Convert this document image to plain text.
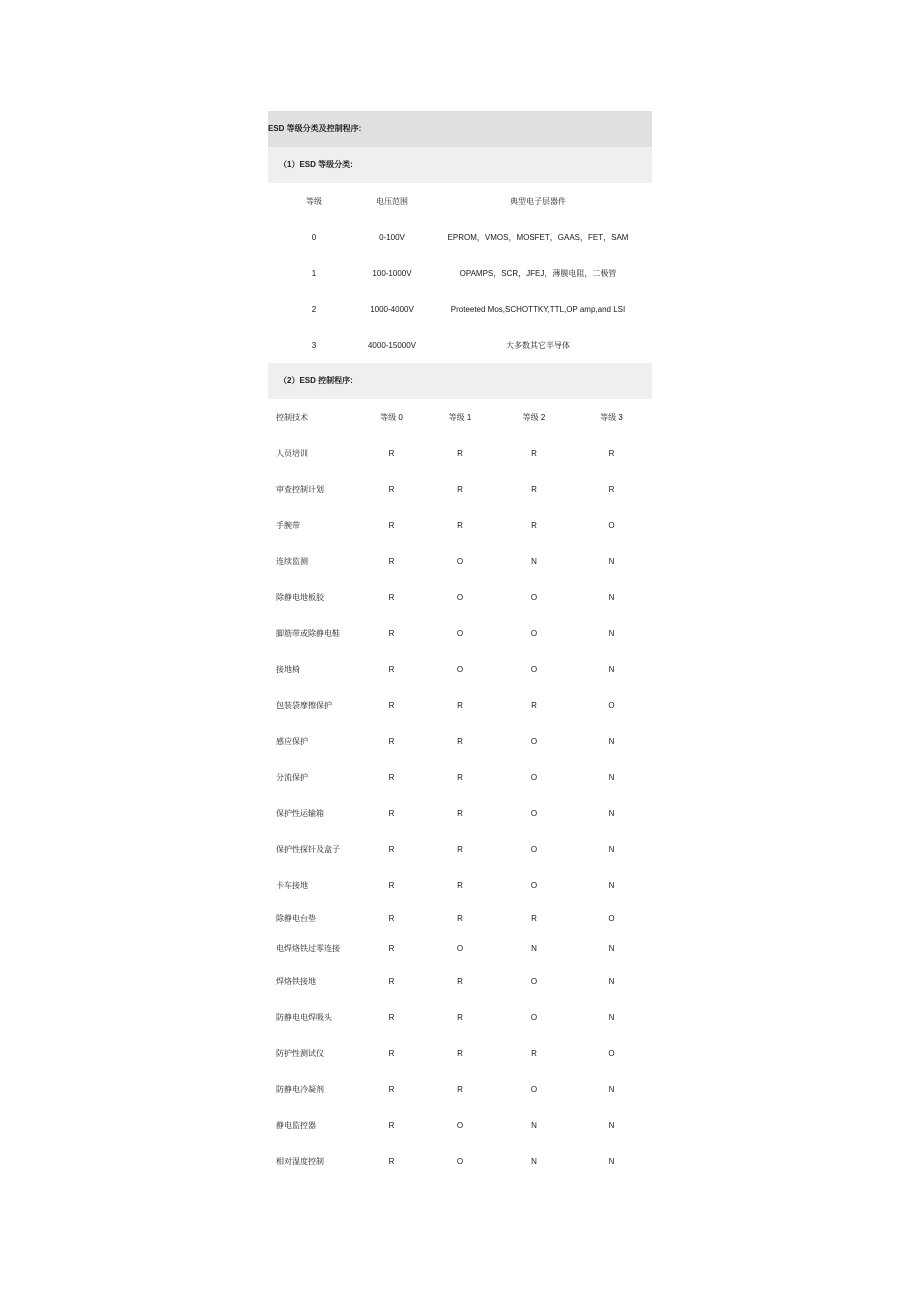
ESD 等级分类及控制程序:
（1）ESD 等级分类:
等级	电压范围	典型电子层器件
0	0-100V	EPROM，VMOS，MOSFET，GAAS，FET，SAM
1	100-1000V	OPAMPS，SCR，JFEJ，薄膜电阻，二极管
2	1000-4000V	Proteeted Mos,SCHOTTKY,TTL,OP amp,and LSI
3	4000-15000V	大多数其它半导体
（2）ESD 控制程序:
控制技术	等级 0	等级 1	等级 2	等级 3
人员培训	R	R	R	R
审查控制计划	R	R	R	R
手腕带	R	R	R	O
连续监测	R	O	N	N
除静电地板胶	R	O	O	N
脚筋带或除静电鞋	R	O	O	N
接地椅	R	O	O	N
包装袋摩擦保护	R	R	R	O
感应保护	R	R	O	N
分流保护	R	R	O	N
保护性运输箱	R	R	O	N
保护性探针及盒子	R	R	O	N
卡车接地	R	R	O	N
除静电台垫	R	R	R	O
电焊烙铁过零连接	R	O	N	N
焊烙铁接地	R	R	O	N
防静电电焊吸头	R	R	O	N
防护性测试仪	R	R	R	O
防静电冷凝剂	R	R	O	N
静电监控器	R	O	N	N
相对湿度控制	R	O	N	N
